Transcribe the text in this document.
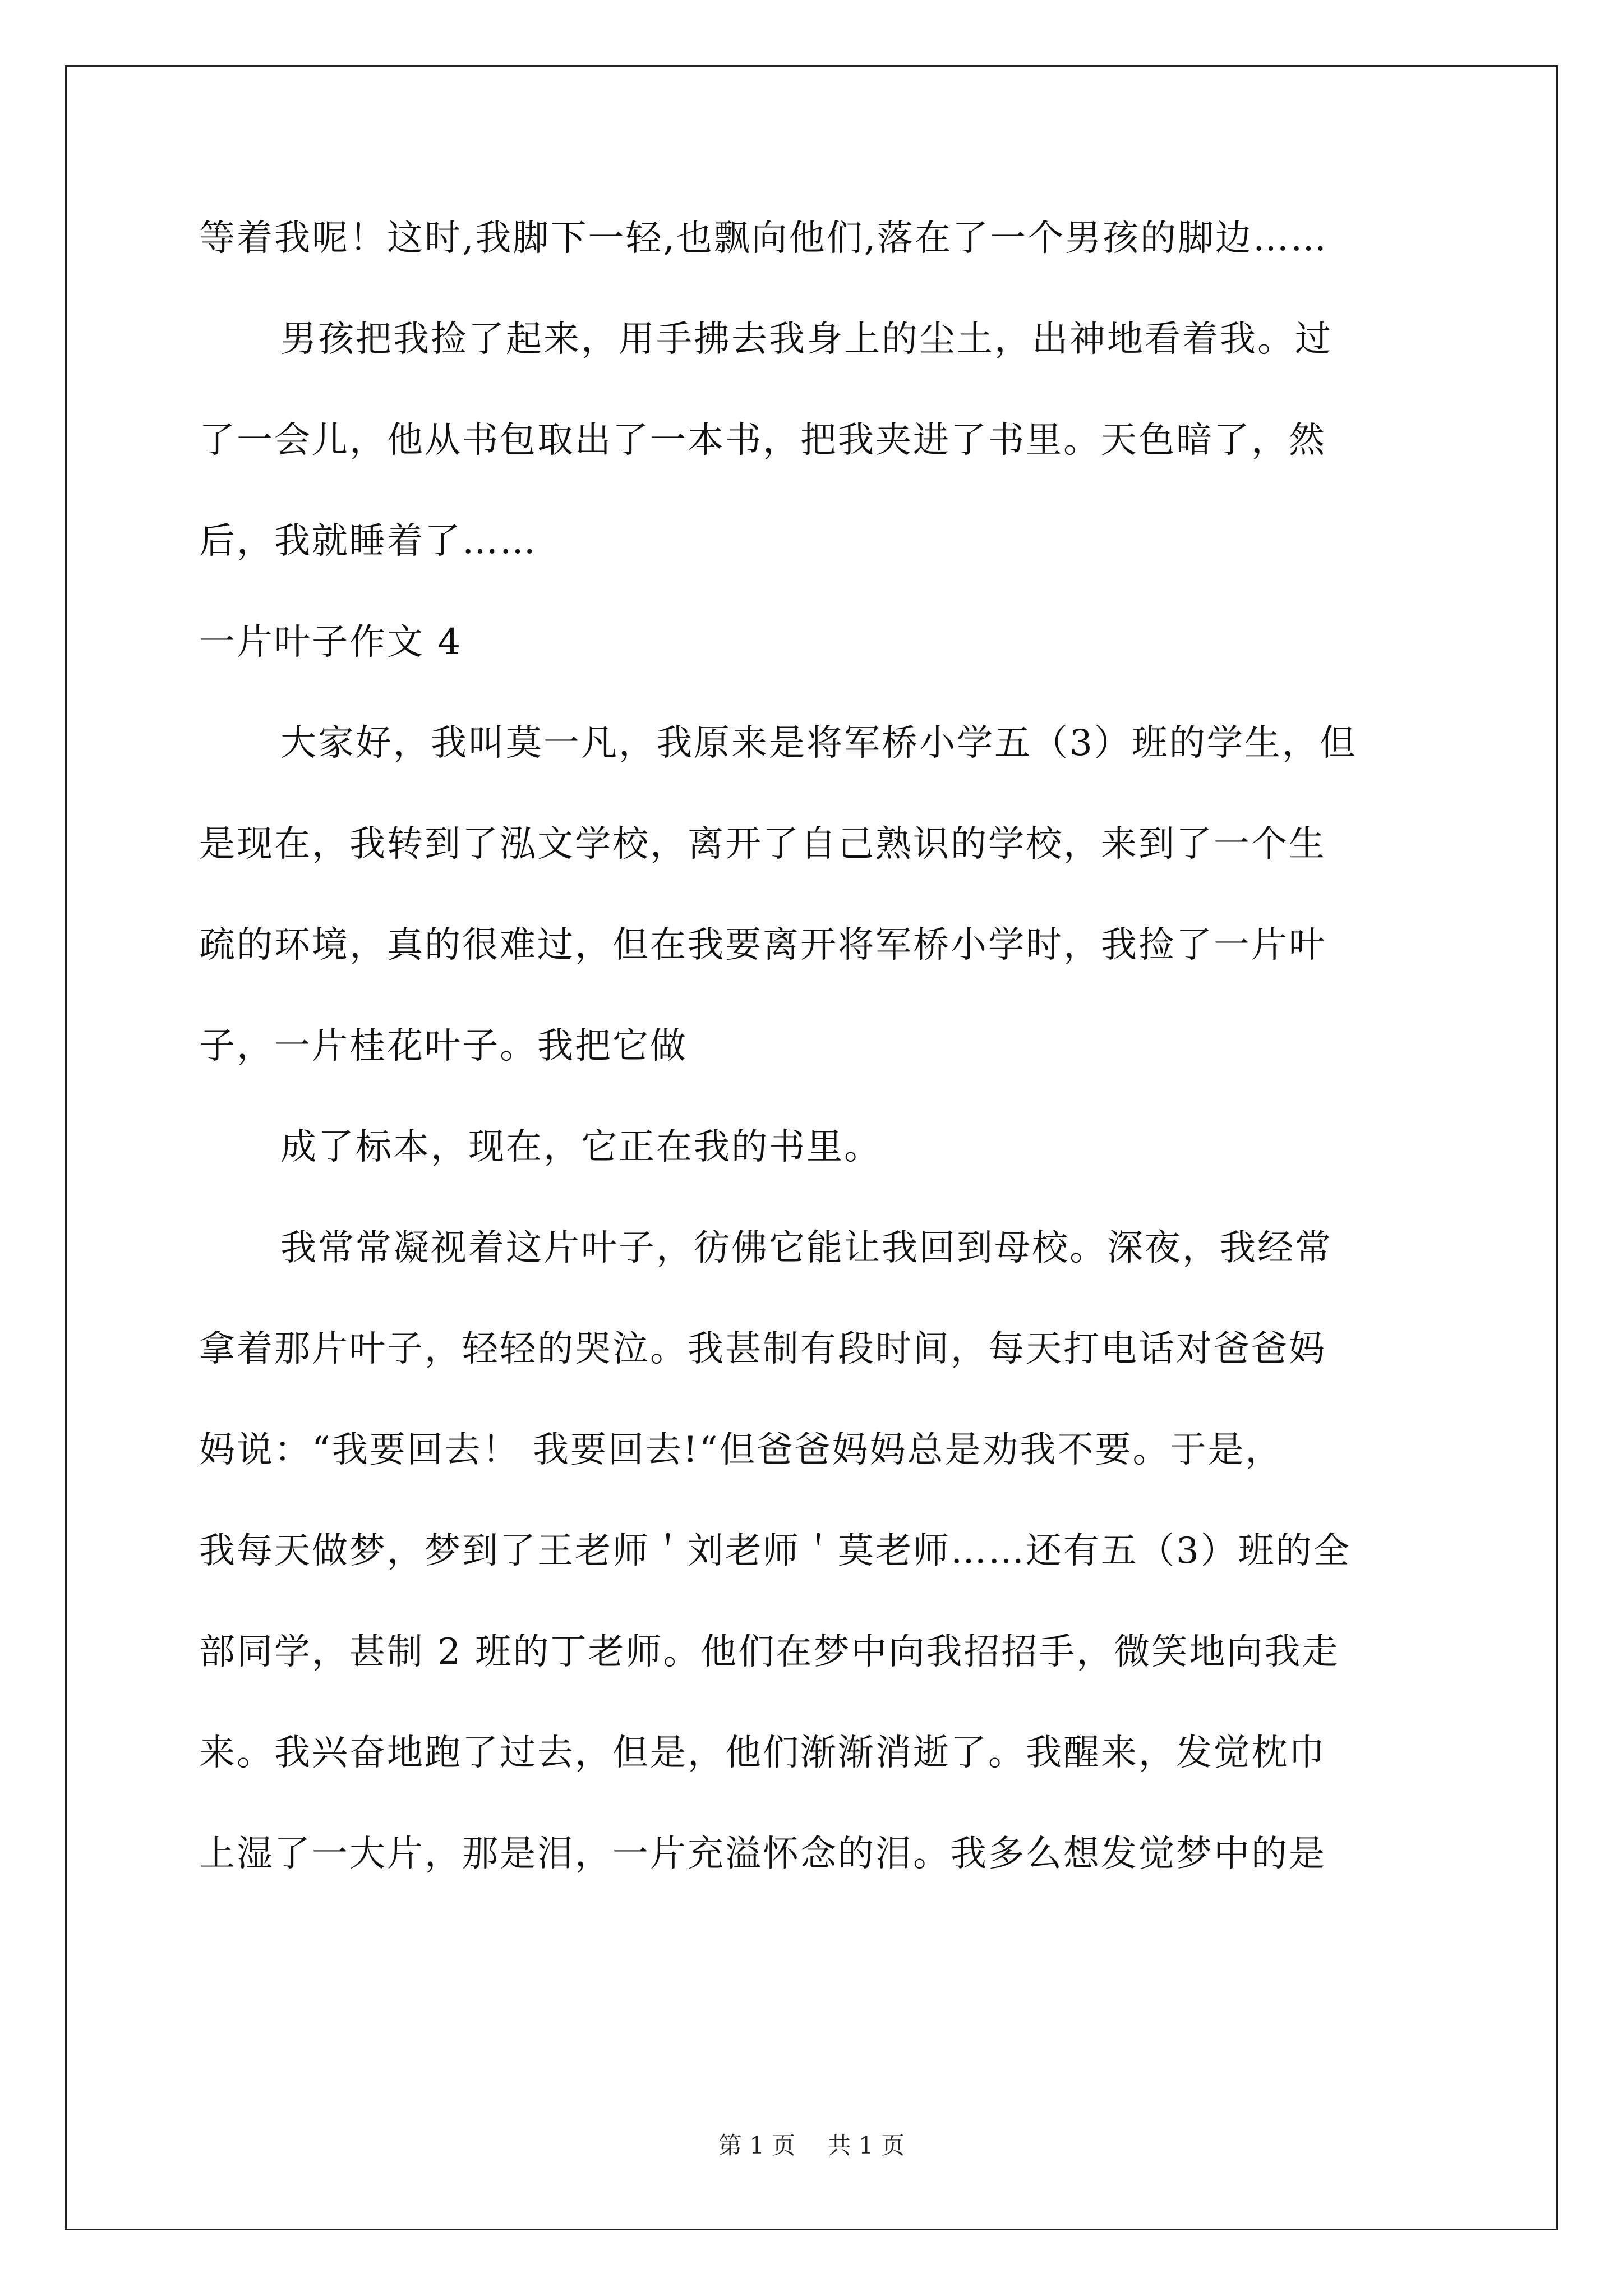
等着我呢！这时,我脚下一轻,也飘向他们,落在了一个男孩的脚边……
男孩把我捡了起来，用手拂去我身上的尘土，出神地看着我。过
了一会儿，他从书包取出了一本书，把我夹进了书里。天色暗了，然
后，我就睡着了……
一片叶子作文 4
大家好，我叫莫一凡，我原来是将军桥小学五（3）班的学生，但
是现在，我转到了泓文学校，离开了自己熟识的学校，来到了一个生
疏的环境，真的很难过，但在我要离开将军桥小学时，我捡了一片叶
子，一片桂花叶子。我把它做
成了标本，现在，它正在我的书里。
我常常凝视着这片叶子，彷佛它能让我回到母校。深夜，我经常
拿着那片叶子，轻轻的哭泣。我甚制有段时间，每天打电话对爸爸妈
妈说：“我要回去！ 我要回去!“但爸爸妈妈总是劝我不要。于是，
我每天做梦，梦到了王老师＇刘老师＇莫老师……还有五（3）班的全
部同学，甚制 2 班的丁老师。他们在梦中向我招招手，微笑地向我走
来。我兴奋地跑了过去，但是，他们渐渐消逝了。我醒来，发觉枕巾
上湿了一大片，那是泪，一片充溢怀念的泪。我多么想发觉梦中的是
第 1 页 共 1 页
